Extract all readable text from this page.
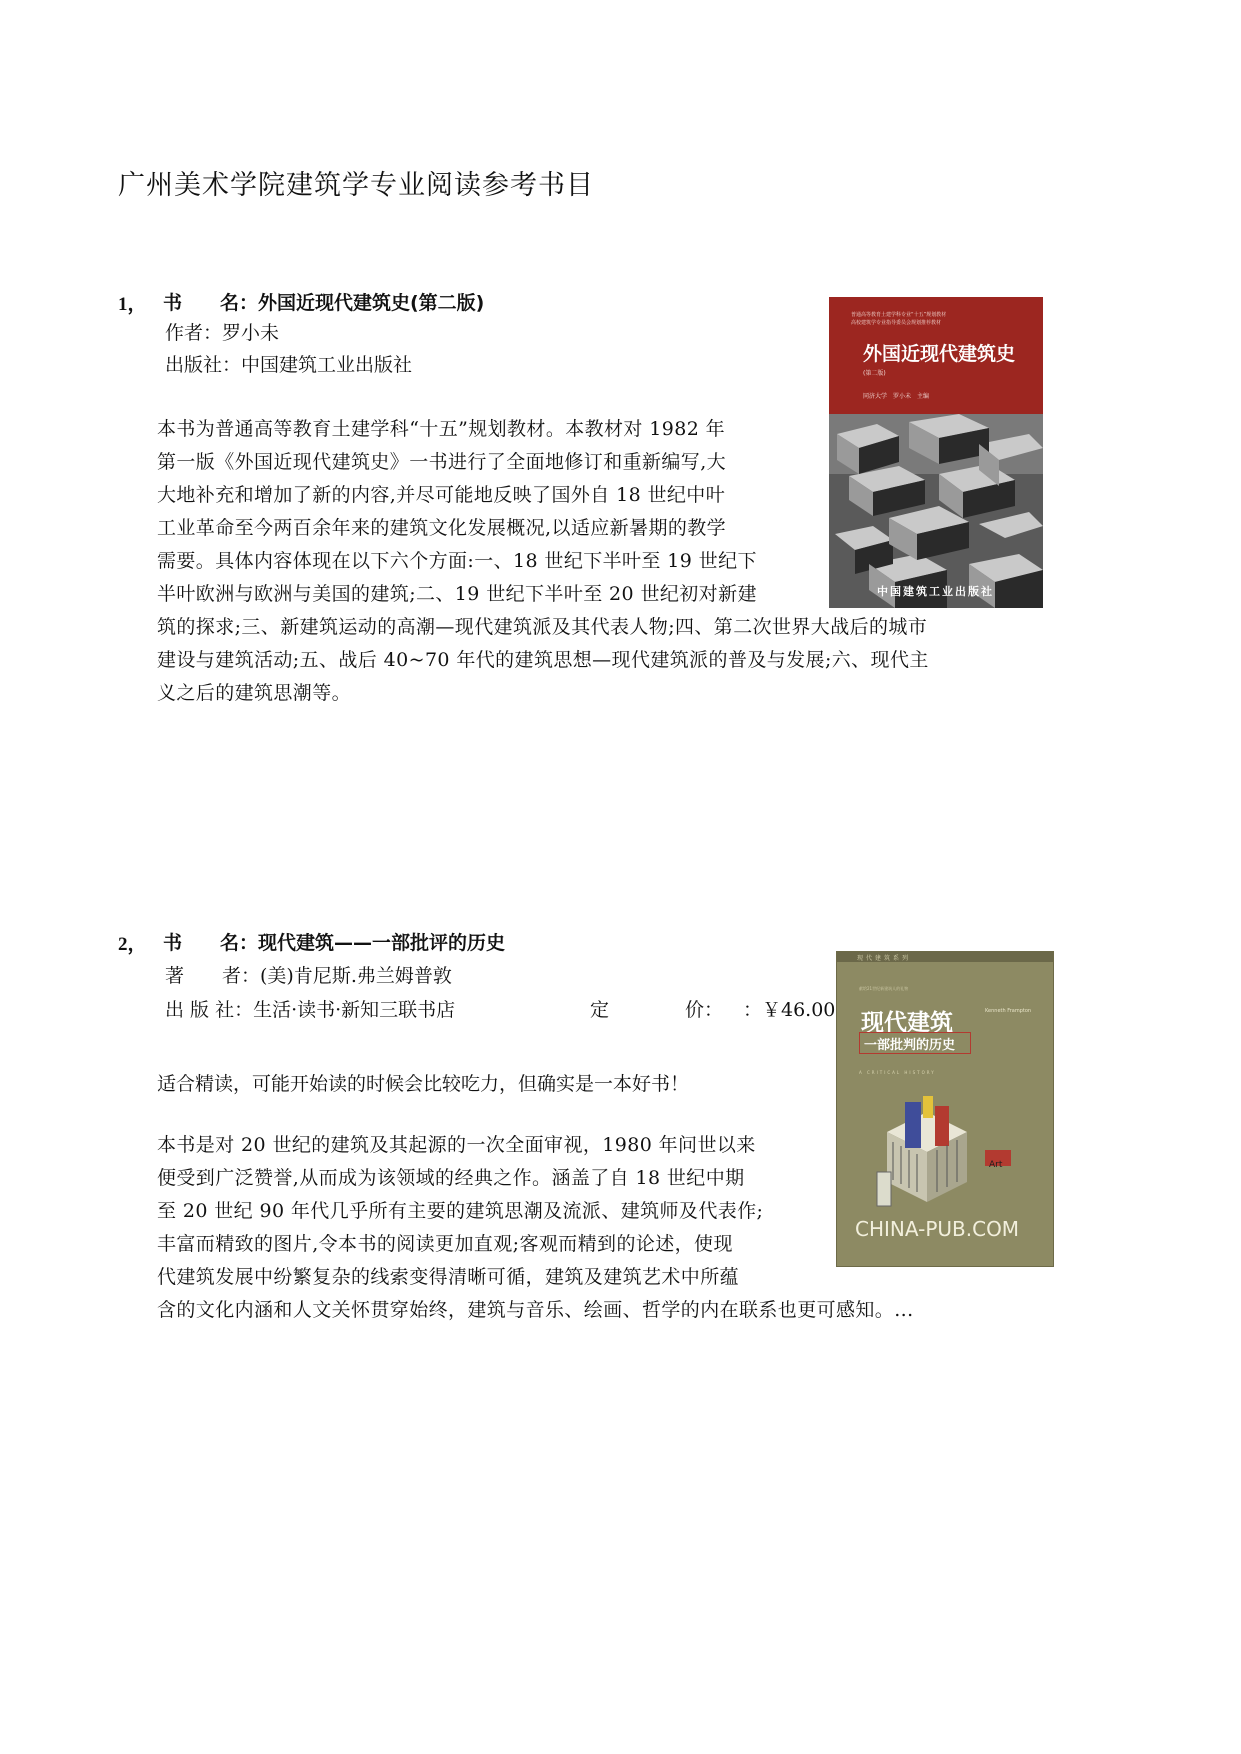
广州美术学院建筑学专业阅读参考书目
1， 书　　名：外国近现代建筑史(第二版)
作者：罗小未
出版社：中国建筑工业出版社
本书为普通高等教育土建学科“十五”规划教材。本教材对 1982 年
第一版《外国近现代建筑史》一书进行了全面地修订和重新编写,大
大地补充和增加了新的内容,并尽可能地反映了国外自 18 世纪中叶
工业革命至今两百余年来的建筑文化发展概况,以适应新暑期的教学
需要。具体内容体现在以下六个方面:一、18 世纪下半叶至 19 世纪下
半叶欧洲与欧洲与美国的建筑;二、19 世纪下半叶至 20 世纪初对新建
筑的探求;三、新建筑运动的高潮—现代建筑派及其代表人物;四、第二次世界大战后的城市
建设与建筑活动;五、战后 40~70 年代的建筑思想—现代建筑派的普及与发展;六、现代主
义之后的建筑思潮等。
普通高等教育土建学科专业“十五”规划教材
高校建筑学专业指导委员会规划推荐教材
外国近现代建筑史
(第二版)
同济大学　罗小未　主编
中国建筑工业出版社
2， 书　　名：现代建筑——一部批评的历史
著　　者：(美)肯尼斯.弗兰姆普敦
出 版 社：生活·读书·新知三联书店	定　　　　价： ：￥46.00
适合精读，可能开始读的时候会比较吃力，但确实是一本好书！
本书是对 20 世纪的建筑及其起源的一次全面审视，1980 年问世以来
便受到广泛赞誉,从而成为该领域的经典之作。涵盖了自 18 世纪中期
至 20 世纪 90 年代几乎所有主要的建筑思潮及流派、建筑师及代表作;
丰富而精致的图片,令本书的阅读更加直观;客观而精到的论述，使现
代建筑发展中纷繁复杂的线索变得清晰可循，建筑及建筑艺术中所蕴
含的文化内涵和人文关怀贯穿始终，建筑与音乐、绘画、哲学的内在联系也更可感知。...
现代建筑系列
献给21世纪新建筑人的礼物
现代建筑	Kenneth Frampton
一部批判的历史
A CRITICAL HISTORY
Art
CHINA-PUB.COM
